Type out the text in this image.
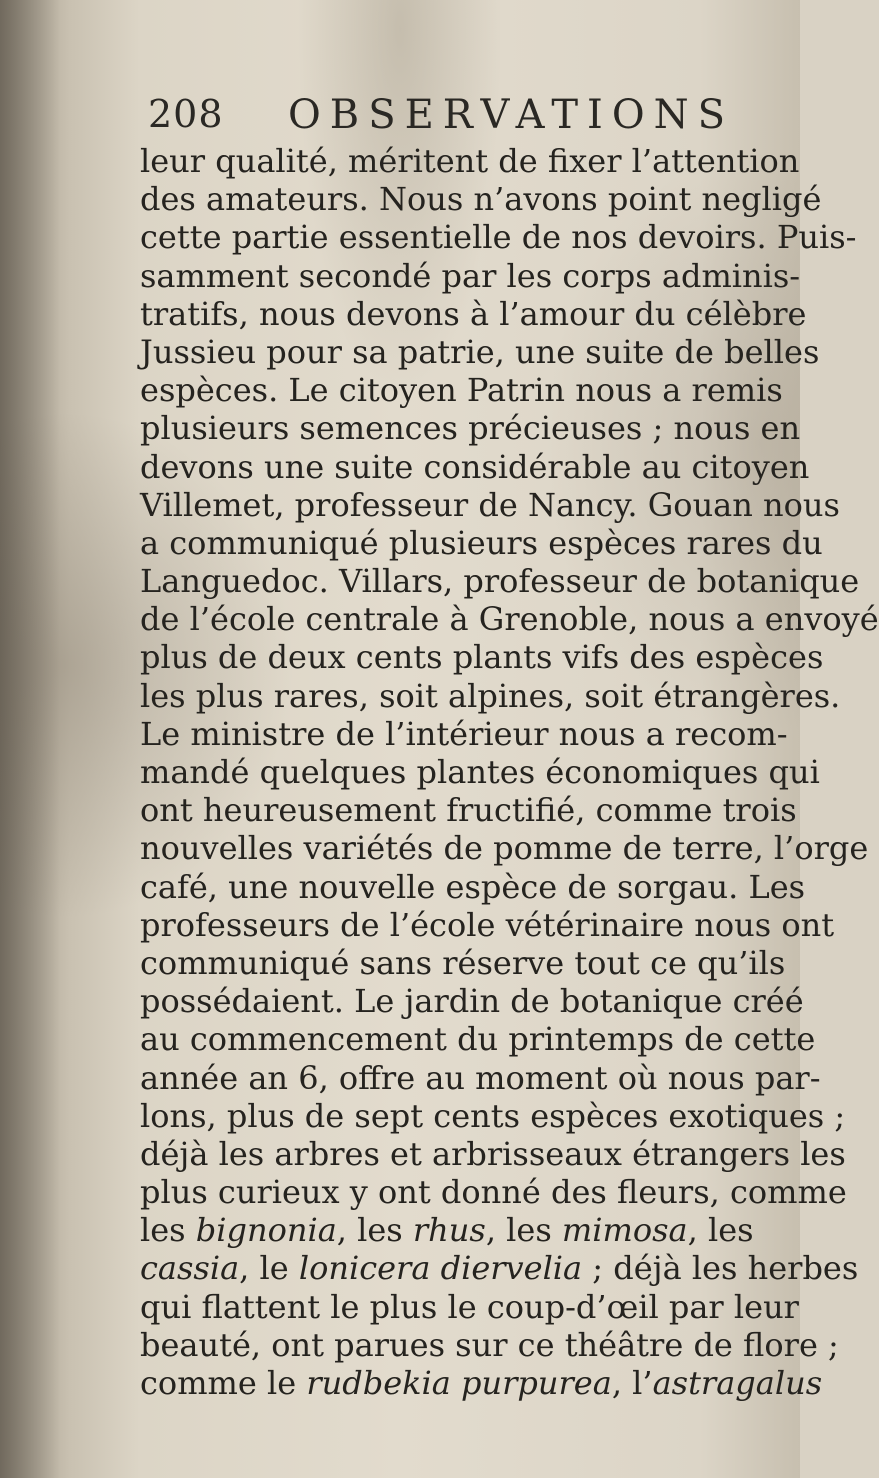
208 OBSERVATIONS
leur qualité, méritent de fixer l’attention
des amateurs. Nous n’avons point negligé
cette partie essentielle de nos devoirs. Puis-
samment secondé par les corps adminis-
tratifs, nous devons à l’amour du célèbre
Jussieu pour sa patrie, une suite de belles
espèces. Le citoyen Patrin nous a remis
plusieurs semences précieuses ; nous en
devons une suite considérable au citoyen
Villemet, professeur de Nancy. Gouan nous
a communiqué plusieurs espèces rares du
Languedoc. Villars, professeur de botanique
de l’école centrale à Grenoble, nous a envoyé
plus de deux cents plants vifs des espèces
les plus rares, soit alpines, soit étrangères.
Le ministre de l’intérieur nous a recom-
mandé quelques plantes économiques qui
ont heureusement fructifié, comme trois
nouvelles variétés de pomme de terre, l’orge
café, une nouvelle espèce de sorgau. Les
professeurs de l’école vétérinaire nous ont
communiqué sans réserve tout ce qu’ils
possédaient. Le jardin de botanique créé
au commencement du printemps de cette
année an 6, offre au moment où nous par-
lons, plus de sept cents espèces exotiques ;
déjà les arbres et arbrisseaux étrangers les
plus curieux y ont donné des fleurs, comme
les bignonia, les rhus, les mimosa, les
cassia, le lonicera diervelia ; déjà les herbes
qui flattent le plus le coup-d’œil par leur
beauté, ont parues sur ce théâtre de flore ;
comme le rudbekia purpurea, l’astragalus
